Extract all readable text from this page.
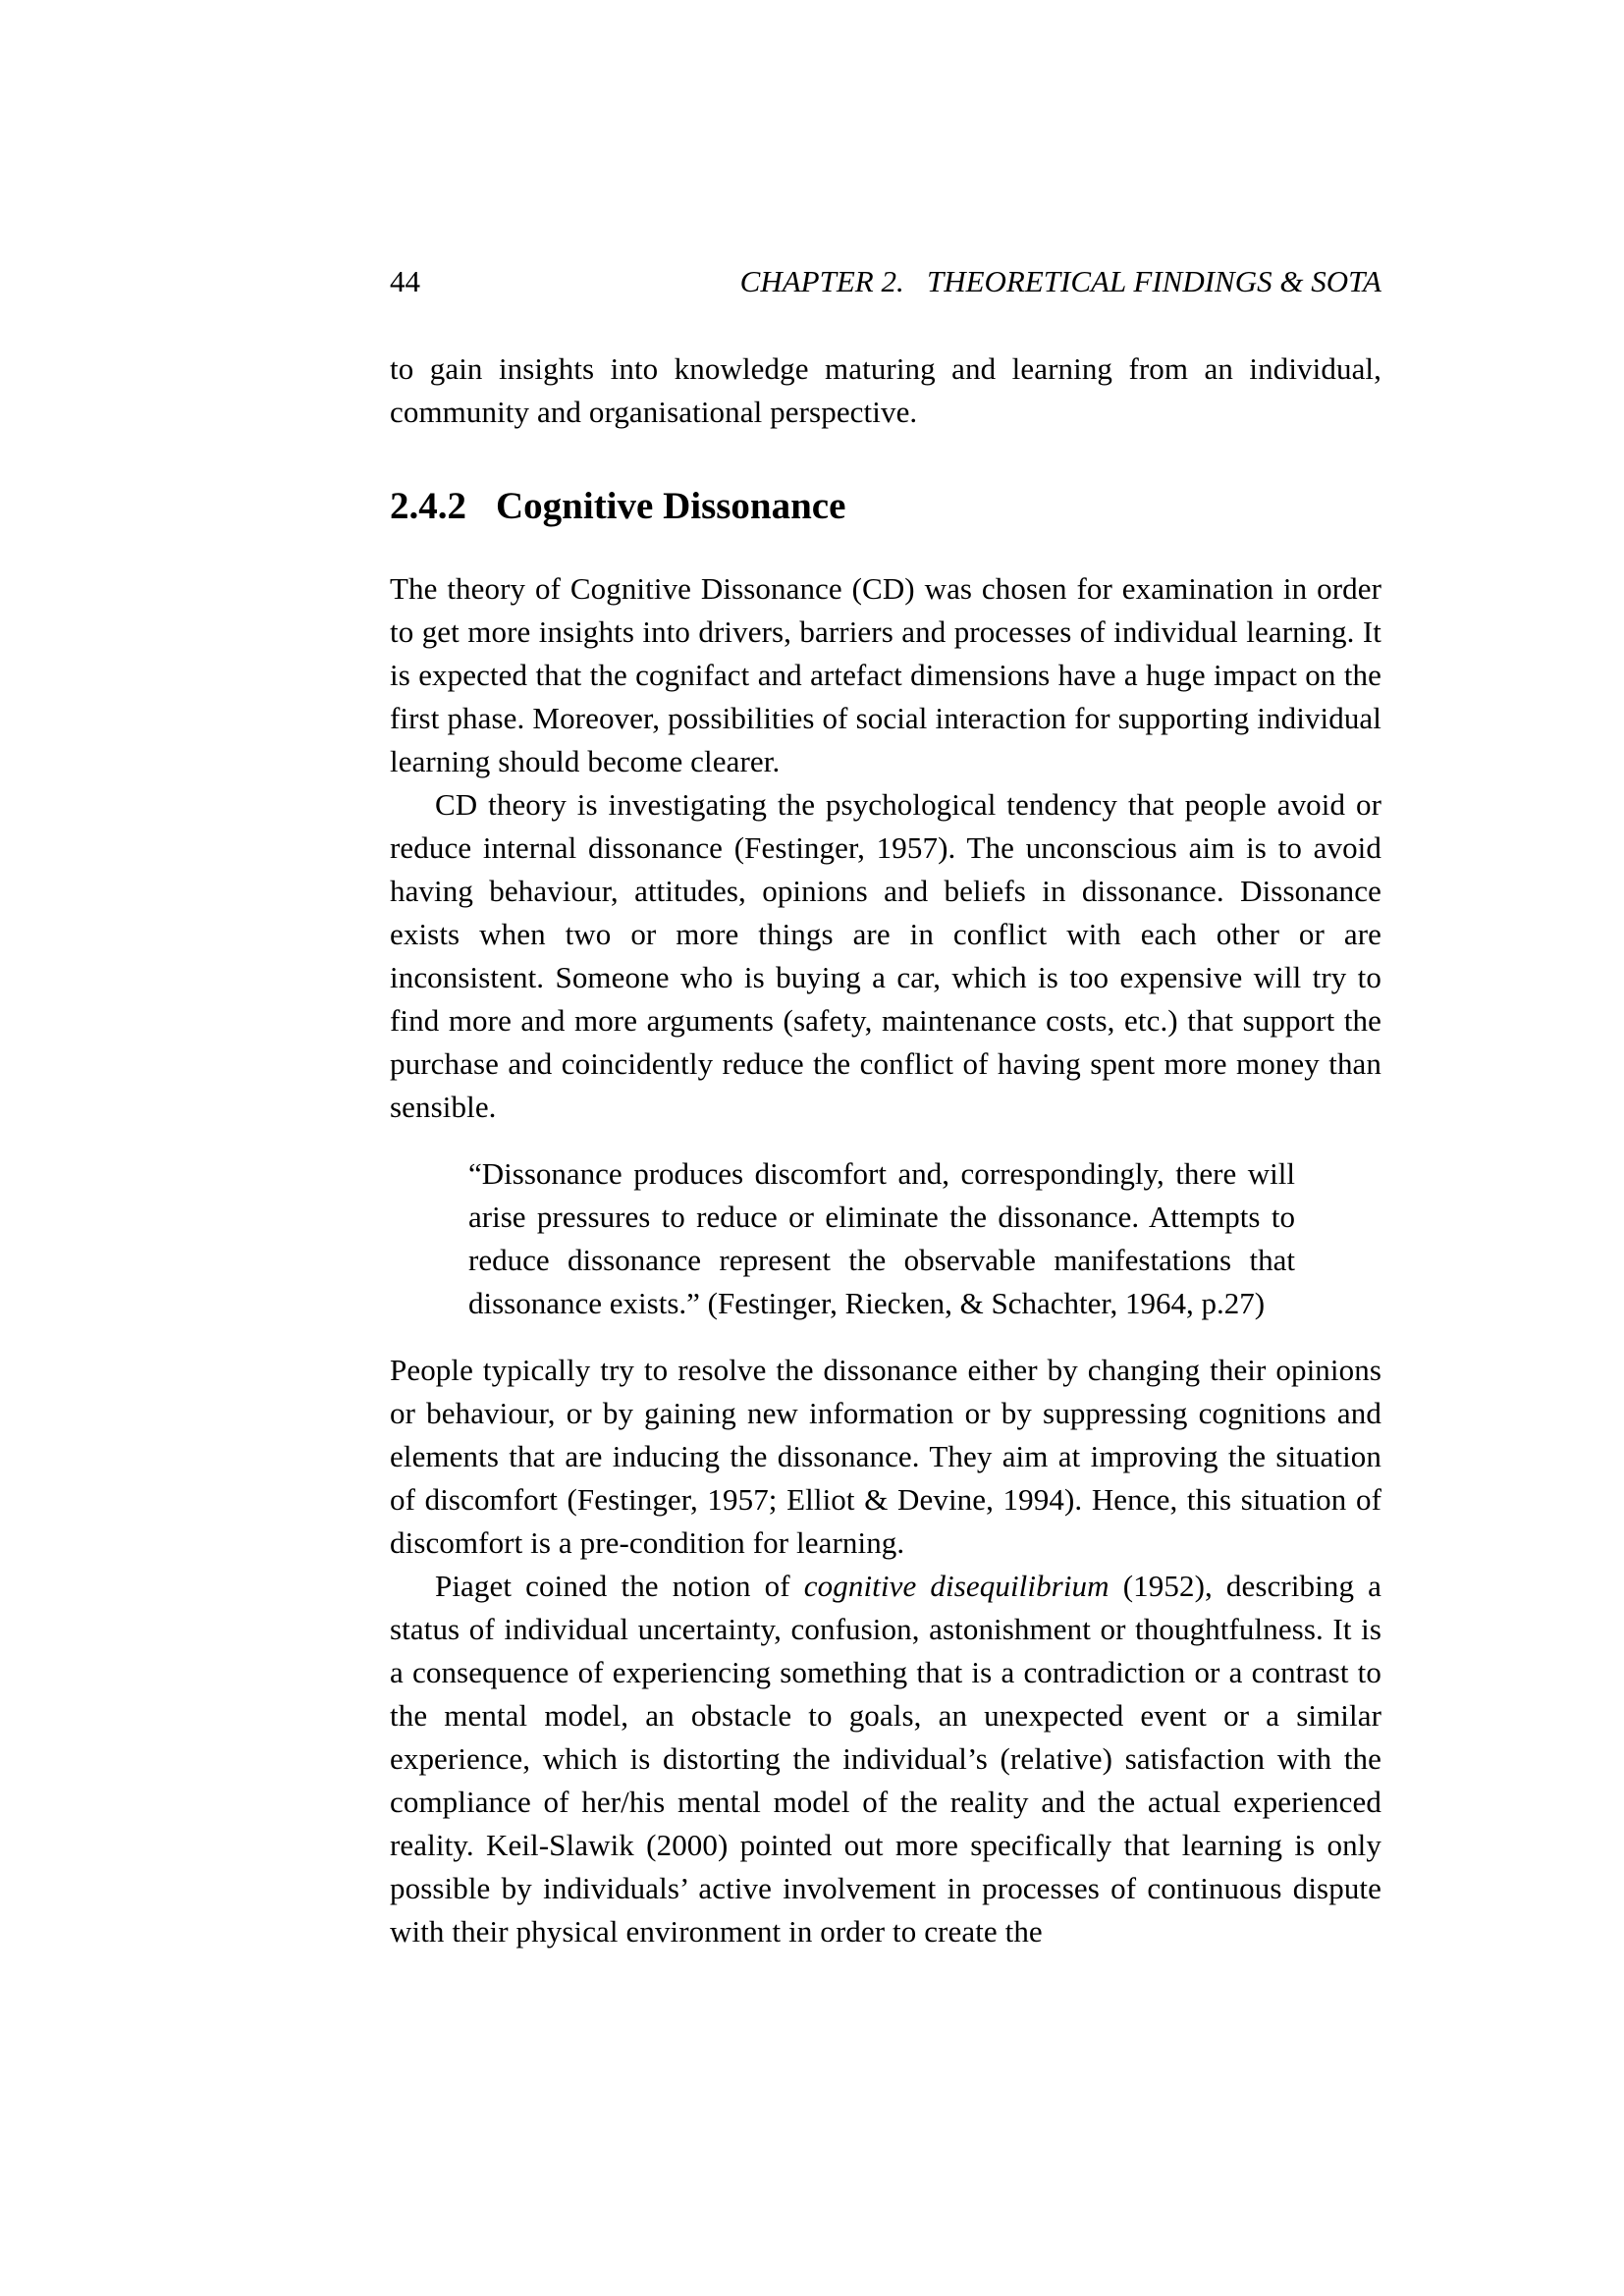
44	CHAPTER 2.   THEORETICAL FINDINGS & SOTA

to gain insights into knowledge maturing and learning from an individual, community and organisational perspective.

2.4.2 Cognitive Dissonance

The theory of Cognitive Dissonance (CD) was chosen for examination in order to get more insights into drivers, barriers and processes of individual learning. It is expected that the cognifact and artefact dimensions have a huge impact on the first phase. Moreover, possibilities of social interaction for supporting individual learning should become clearer.

CD theory is investigating the psychological tendency that people avoid or reduce internal dissonance (Festinger, 1957). The unconscious aim is to avoid having behaviour, attitudes, opinions and beliefs in dissonance. Dissonance exists when two or more things are in conflict with each other or are inconsistent. Someone who is buying a car, which is too expensive will try to find more and more arguments (safety, maintenance costs, etc.) that support the purchase and coincidently reduce the conflict of having spent more money than sensible.

“Dissonance produces discomfort and, correspondingly, there will arise pressures to reduce or eliminate the dissonance. Attempts to reduce dissonance represent the observable manifestations that dissonance exists.” (Festinger, Riecken, & Schachter, 1964, p.27)

People typically try to resolve the dissonance either by changing their opinions or behaviour, or by gaining new information or by suppressing cognitions and elements that are inducing the dissonance. They aim at improving the situation of discomfort (Festinger, 1957; Elliot & Devine, 1994). Hence, this situation of discomfort is a pre-condition for learning.

Piaget coined the notion of cognitive disequilibrium (1952), describing a status of individual uncertainty, confusion, astonishment or thoughtfulness. It is a consequence of experiencing something that is a contradiction or a contrast to the mental model, an obstacle to goals, an unexpected event or a similar experience, which is distorting the individual’s (relative) satisfaction with the compliance of her/his mental model of the reality and the actual experienced reality. Keil-Slawik (2000) pointed out more specifically that learning is only possible by individuals’ active involvement in processes of continuous dispute with their physical environment in order to create the
